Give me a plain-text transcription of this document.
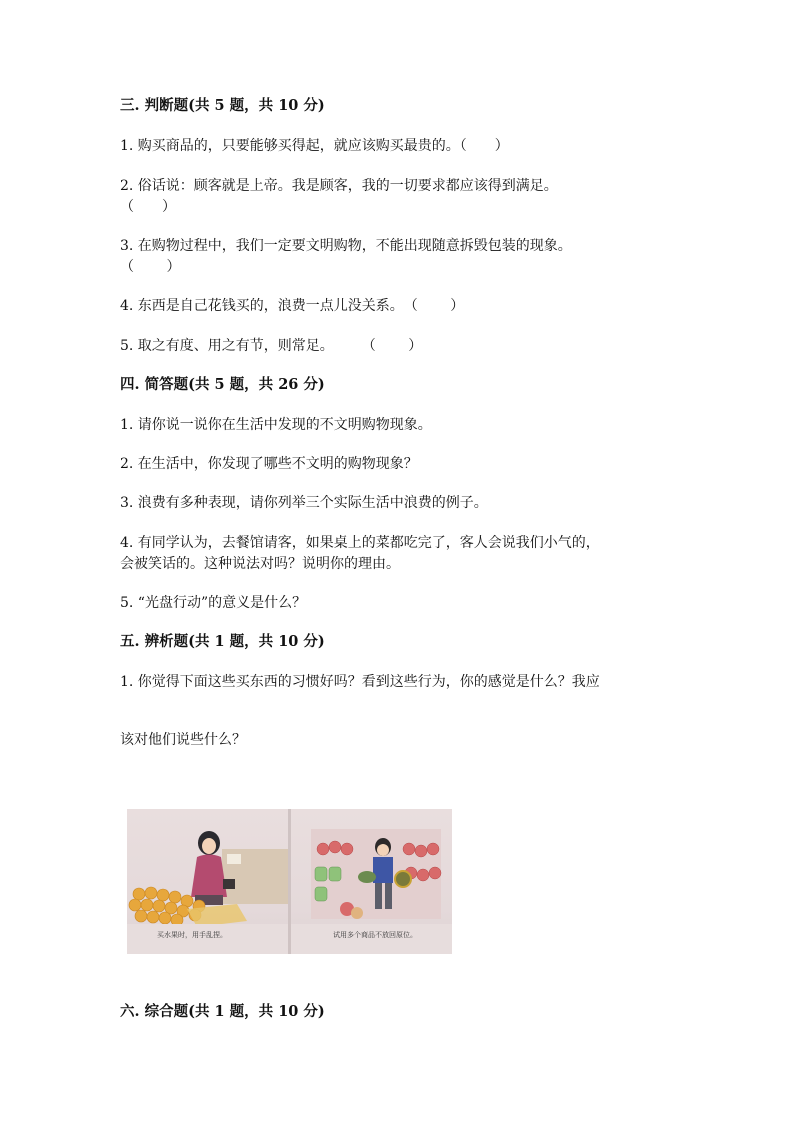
三. 判断题(共 5 题，共 10 分)
1. 购买商品的，只要能够买得起，就应该购买最贵的。（　　）
2. 俗话说：顾客就是上帝。我是顾客，我的一切要求都应该得到满足。
（　　）
3. 在购物过程中，我们一定要文明购物，不能出现随意拆毁包装的现象。
（　　 ）
4. 东西是自己花钱买的，浪费一点儿没关系。　（　　 ）
5. 取之有度、用之有节，则常足。　　　（　　 ）
四. 简答题(共 5 题，共 26 分)
1. 请你说一说你在生活中发现的不文明购物现象。
2. 在生活中，你发现了哪些不文明的购物现象？
3. 浪费有多种表现，请你列举三个实际生活中浪费的例子。
4. 有同学认为，去餐馆请客，如果桌上的菜都吃完了，客人会说我们小气的，
会被笑话的。这种说法对吗？说明你的理由。
5. “光盘行动”的意义是什么？
五. 辨析题(共 1 题，共 10 分)
1. 你觉得下面这些买东西的习惯好吗？看到这些行为，你的感觉是什么？我应
该对他们说些什么？
买水果时，用手乱捏。	试用多个商品不放回原位。
六. 综合题(共 1 题，共 10 分)
